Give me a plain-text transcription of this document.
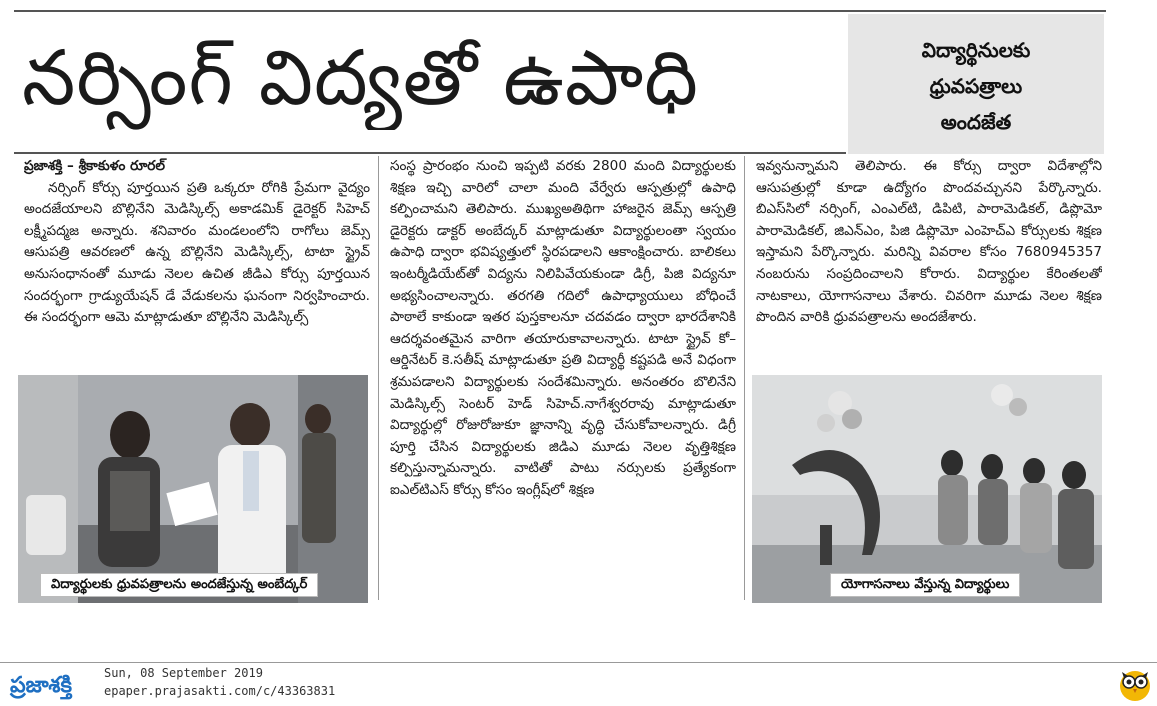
నర్సింగ్ విద్యతో ఉపాధి	విద్యార్థినులకు
ధ్రువపత్రాలు
అందజేత

ప్రజాశక్తి – శ్రీకాకుళం రూరల్

నర్సింగ్ కోర్సు పూర్తయిన ప్రతి ఒక్కరూ రోగికి ప్రేమగా వైద్యం అందజేయాలని బొల్లినేని మెడిస్కిల్స్ అకాడమిక్ డైరెక్టర్ సిహెచ్ లక్ష్మీపద్మజ అన్నారు. శనివారం మండలంలోని రాగోలు జెమ్స్ ఆసుపత్రి ఆవరణలో ఉన్న బొల్లినేని మెడిస్కిల్స్, టాటా స్ట్రైవ్ అనుసంధానంతో మూడు నెలల ఉచిత జీడిఎ కోర్సు పూర్తయిన సందర్భంగా గ్రాడ్యుయేషన్ డే వేడుకలను ఘనంగా నిర్వహించారు. ఈ సందర్భంగా ఆమె మాట్లాడుతూ బొల్లినేని మెడిస్కిల్స్

సంస్థ ప్రారంభం నుంచి ఇప్పటి వరకు 2800 మంది విద్యార్థులకు శిక్షణ ఇచ్చి వారిలో చాలా మంది వేర్వేరు ఆస్పత్రుల్లో ఉపాధి కల్పించామని తెలిపారు. ముఖ్యఅతిథిగా హాజరైన జెమ్స్ ఆస్పత్రి డైరెక్టరు డాక్టర్ అంబేద్కర్ మాట్లాడుతూ విద్యార్థులంతా స్వయం ఉపాధి ద్వారా భవిష్యత్తులో స్థిరపడాలని ఆకాంక్షించారు. బాలికలు ఇంటర్మీడియేట్‌తో విద్యను నిలిపివేయకుండా డిగ్రీ, పిజి విద్యనూ అభ్యసించాలన్నారు. తరగతి గదిలో ఉపాధ్యాయులు బోధించే పాఠాలే కాకుండా ఇతర పుస్తకాలనూ చదవడం ద్వారా భారదేశానికి ఆదర్శవంతమైన వారిగా తయారుకావాలన్నారు. టాటా స్ట్రైవ్ కో–ఆర్డినేటర్ కె.సతీష్ మాట్లాడుతూ ప్రతి విద్యార్థీ కష్టపడి అనే విధంగా శ్రమపడాలని విద్యార్థులకు సందేశమిన్నారు. అనంతరం బొలినేని మెడిస్కిల్స్ సెంటర్ హెడ్ సిహెచ్.నాగేశ్వరరావు మాట్లాడుతూ విద్యార్థుల్లో రోజురోజుకూ జ్ఞానాన్ని వృద్ధి చేసుకోవాలన్నారు. డిగ్రీ పూర్తి చేసిన విద్యార్థులకు జిడిఎ మూడు నెలల వృత్తిశిక్షణ కల్పిస్తున్నామన్నారు. వాటితో పాటు నర్సులకు ప్రత్యేకంగా ఐఎల్‌టిఎస్ కోర్సు కోసం ఇంగ్లీష్‌లో శిక్షణ

ఇవ్వనున్నామని తెలిపారు. ఈ కోర్సు ద్వారా విదేశాల్లోని ఆసుపత్రుల్లో కూడా ఉద్యోగం పొందవచ్చునని పేర్కొన్నారు. బిఎస్‌సిలో నర్సింగ్, ఎంఎల్‌టి, డిపిటి, పారామెడికల్, డిప్లొమో పారామెడికల్, జిఎన్ఎం, పిజి డిప్లొమో ఎంహెచ్ఎ కోర్సులకు శిక్షణ ఇస్తామని పేర్కొన్నారు. మరిన్ని వివరాల కోసం 7680945357 నంబరును సంప్రదించాలని కోరారు. విద్యార్థుల కేరింతలతో నాటకాలు, యోగాసనాలు వేశారు. చివరిగా మూడు నెలల శిక్షణ పొందిన వారికి ధ్రువపత్రాలను అందజేశారు.

విద్యార్థులకు ధ్రువపత్రాలను అందజేస్తున్న అంబేద్కర్	యోగాసనాలు వేస్తున్న విద్యార్థులు
ప్రజాశక్తి	Sun, 08 September 2019
epaper.prajasakti.com/c/43363831
